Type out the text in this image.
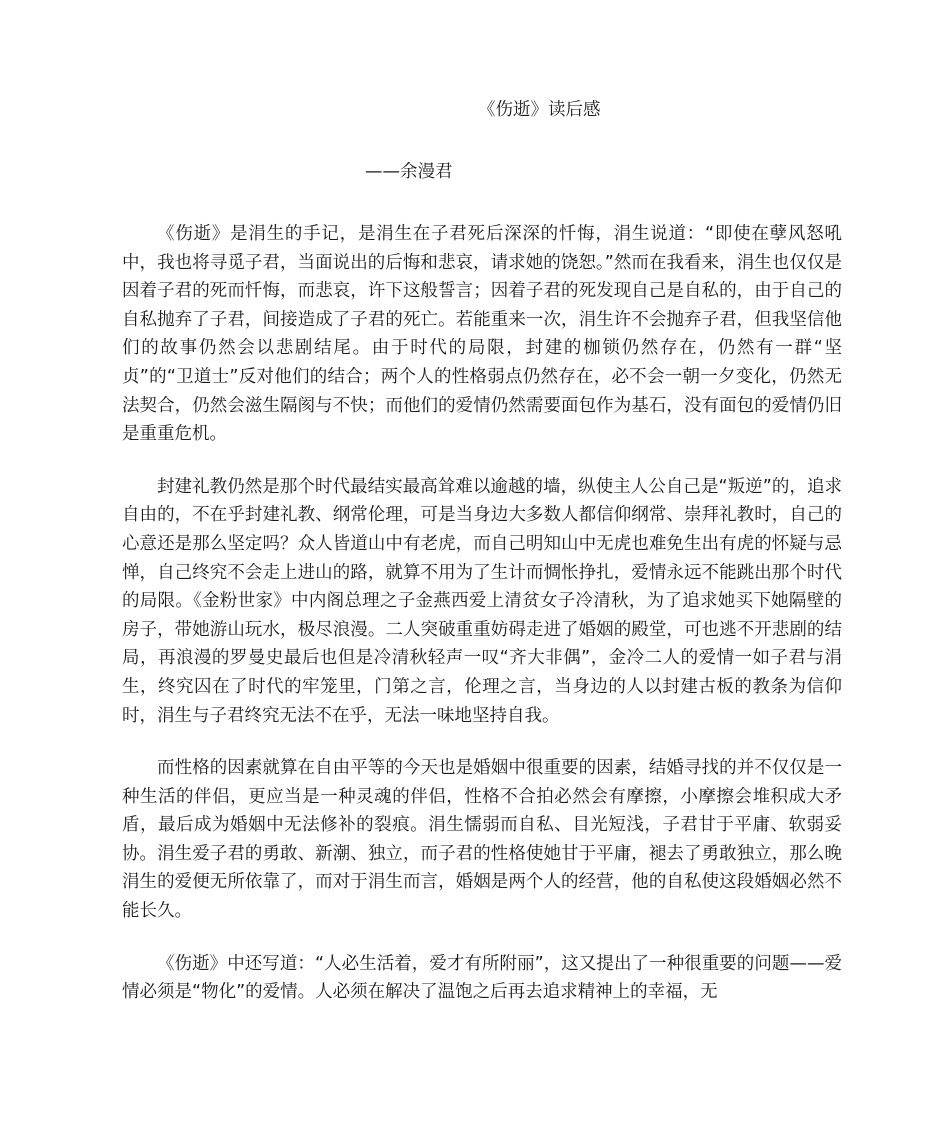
《伤逝》读后感
——余漫君

《伤逝》是涓生的手记，是涓生在子君死后深深的忏悔，涓生说道：“即使在孽风怒吼中，我也将寻觅子君，当面说出的后悔和悲哀，请求她的饶恕。”然而在我看来，涓生也仅仅是因着子君的死而忏悔，而悲哀，许下这般誓言；因着子君的死发现自己是自私的，由于自己的自私抛弃了子君，间接造成了子君的死亡。若能重来一次，涓生许不会抛弃子君，但我坚信他们的故事仍然会以悲剧结尾。由于时代的局限，封建的枷锁仍然存在，仍然有一群“坚贞”的“卫道士”反对他们的结合；两个人的性格弱点仍然存在，必不会一朝一夕变化，仍然无法契合，仍然会滋生隔阂与不快；而他们的爱情仍然需要面包作为基石，没有面包的爱情仍旧是重重危机。

封建礼教仍然是那个时代最结实最高耸难以逾越的墙，纵使主人公自己是“叛逆”的，追求自由的，不在乎封建礼教、纲常伦理，可是当身边大多数人都信仰纲常、崇拜礼教时，自己的心意还是那么坚定吗？众人皆道山中有老虎，而自己明知山中无虎也难免生出有虎的怀疑与忌惮，自己终究不会走上进山的路，就算不用为了生计而惆怅挣扎，爱情永远不能跳出那个时代的局限。《金粉世家》中内阁总理之子金燕西爱上清贫女子冷清秋，为了追求她买下她隔壁的房子，带她游山玩水，极尽浪漫。二人突破重重妨碍走进了婚姻的殿堂，可也逃不开悲剧的结局，再浪漫的罗曼史最后也但是冷清秋轻声一叹“齐大非偶”，金冷二人的爱情一如子君与涓生，终究囚在了时代的牢笼里，门第之言，伦理之言，当身边的人以封建古板的教条为信仰时，涓生与子君终究无法不在乎，无法一味地坚持自我。

而性格的因素就算在自由平等的今天也是婚姻中很重要的因素，结婚寻找的并不仅仅是一种生活的伴侣，更应当是一种灵魂的伴侣，性格不合拍必然会有摩擦，小摩擦会堆积成大矛盾，最后成为婚姻中无法修补的裂痕。涓生懦弱而自私、目光短浅，子君甘于平庸、软弱妥协。涓生爱子君的勇敢、新潮、独立，而子君的性格使她甘于平庸，褪去了勇敢独立，那么晚涓生的爱便无所依靠了，而对于涓生而言，婚姻是两个人的经营，他的自私使这段婚姻必然不能长久。

《伤逝》中还写道：“人必生活着，爱才有所附丽”，这又提出了一种很重要的问题——爱情必须是“物化”的爱情。人必须在解决了温饱之后再去追求精神上的幸福，无
